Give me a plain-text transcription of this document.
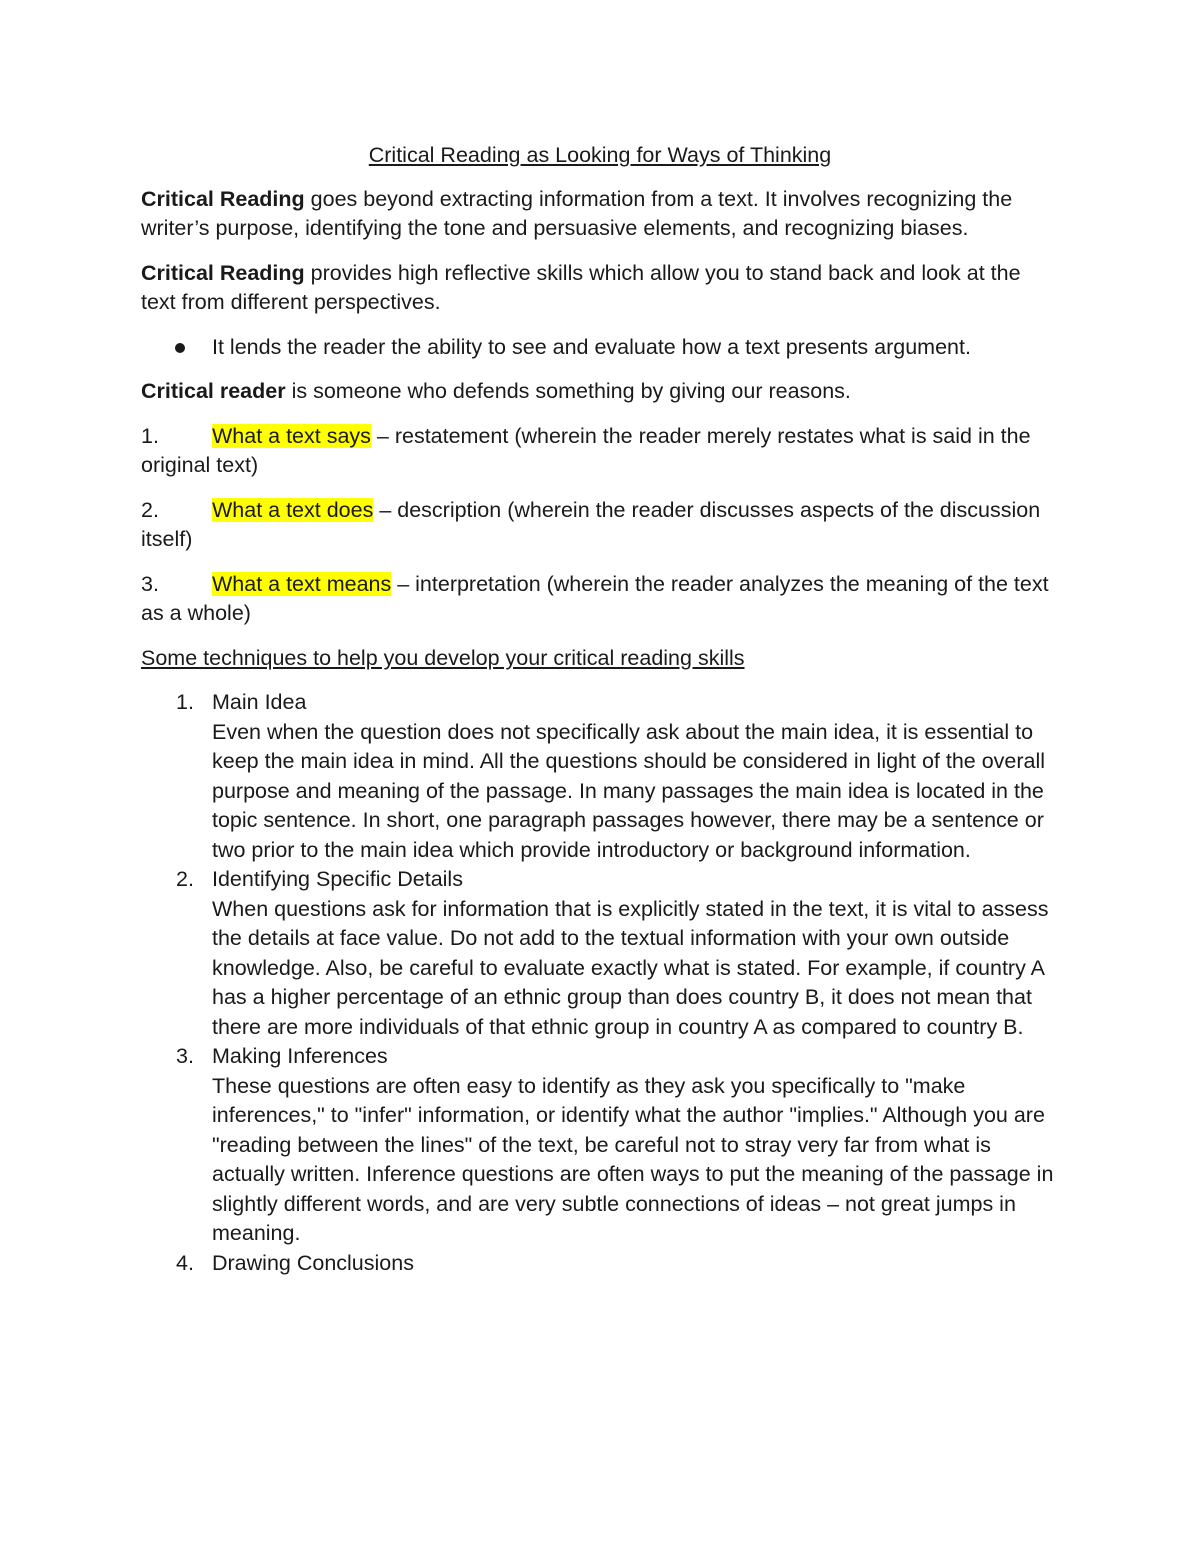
Critical Reading as Looking for Ways of Thinking

Critical Reading goes beyond extracting information from a text. It involves recognizing the writer’s purpose, identifying the tone and persuasive elements, and recognizing biases.

Critical Reading provides high reflective skills which allow you to stand back and look at the text from different perspectives.

It lends the reader the ability to see and evaluate how a text presents argument.

Critical reader is someone who defends something by giving our reasons.

1. What a text says – restatement (wherein the reader merely restates what is said in the original text)

2. What a text does – description (wherein the reader discusses aspects of the discussion itself)

3. What a text means – interpretation (wherein the reader analyzes the meaning of the text as a whole)

Some techniques to help you develop your critical reading skills

1. Main Idea
Even when the question does not specifically ask about the main idea, it is essential to keep the main idea in mind. All the questions should be considered in light of the overall purpose and meaning of the passage. In many passages the main idea is located in the topic sentence. In short, one paragraph passages however, there may be a sentence or two prior to the main idea which provide introductory or background information.
2. Identifying Specific Details
When questions ask for information that is explicitly stated in the text, it is vital to assess the details at face value. Do not add to the textual information with your own outside knowledge. Also, be careful to evaluate exactly what is stated. For example, if country A has a higher percentage of an ethnic group than does country B, it does not mean that there are more individuals of that ethnic group in country A as compared to country B.
3. Making Inferences
These questions are often easy to identify as they ask you specifically to "make inferences," to "infer" information, or identify what the author "implies." Although you are "reading between the lines" of the text, be careful not to stray very far from what is actually written. Inference questions are often ways to put the meaning of the passage in slightly different words, and are very subtle connections of ideas – not great jumps in meaning.
4. Drawing Conclusions
